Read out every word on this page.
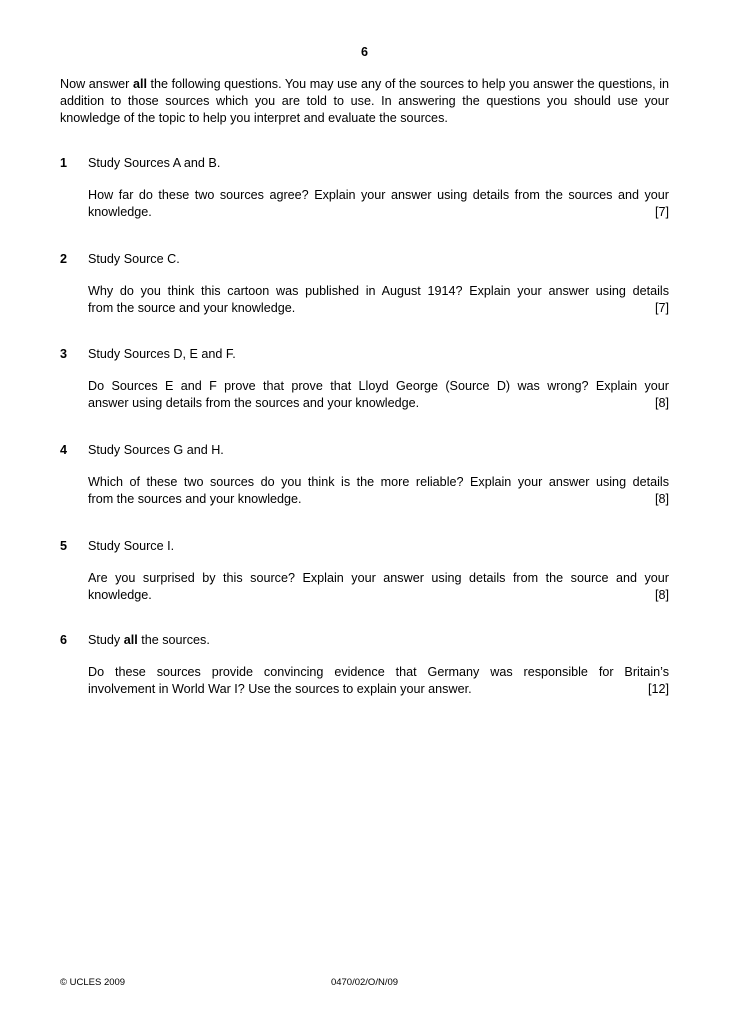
6
Now answer all the following questions. You may use any of the sources to help you answer the questions, in addition to those sources which you are told to use. In answering the questions you should use your knowledge of the topic to help you interpret and evaluate the sources.
1 Study Sources A and B.
How far do these two sources agree? Explain your answer using details from the sources and your
knowledge.	[7]
2 Study Source C.
Why do you think this cartoon was published in August 1914? Explain your answer using details
from the source and your knowledge.	[7]
3 Study Sources D, E and F.
Do Sources E and F prove that prove that Lloyd George (Source D) was wrong? Explain your
answer using details from the sources and your knowledge.	[8]
4 Study Sources G and H.
Which of these two sources do you think is the more reliable? Explain your answer using details
from the sources and your knowledge.	[8]
5 Study Source I.
Are you surprised by this source? Explain your answer using details from the source and your
knowledge.	[8]
6 Study all the sources.
Do these sources provide convincing evidence that Germany was responsible for Britain’s
involvement in World War I? Use the sources to explain your answer.	[12]
© UCLES 2009	0470/02/O/N/09
